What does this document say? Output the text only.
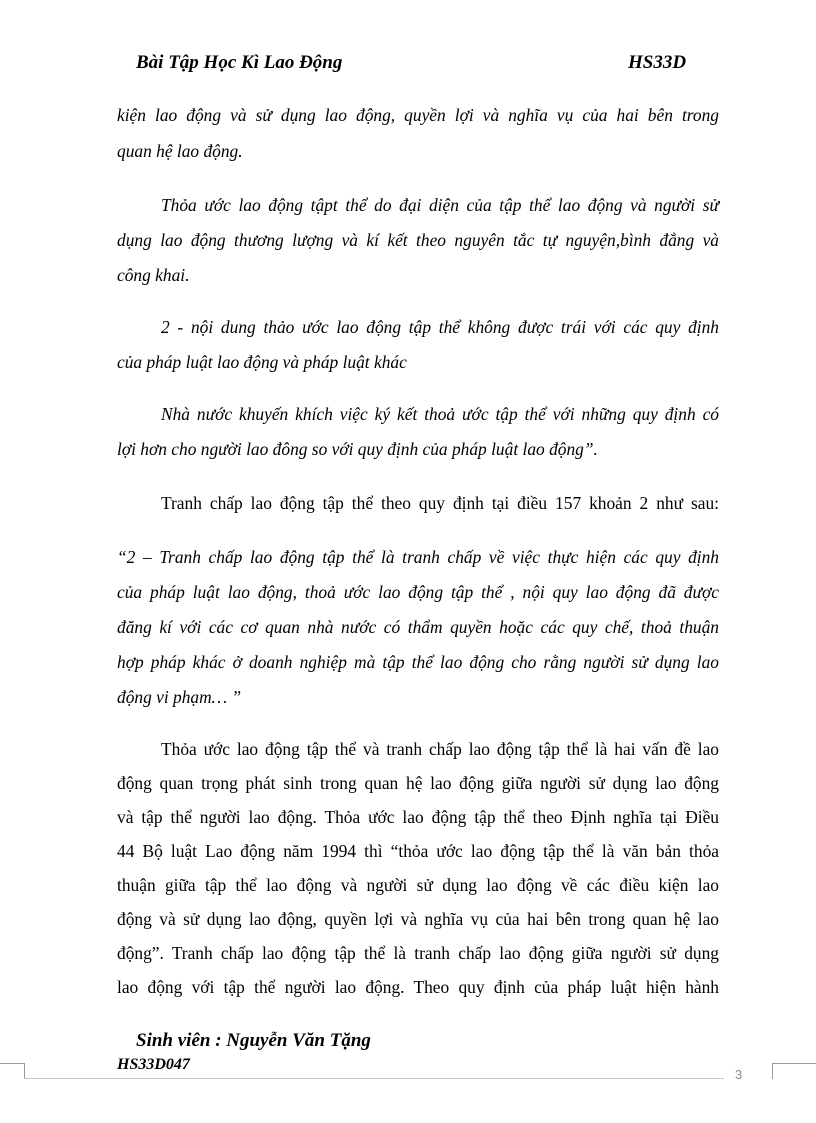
Bài Tập Học Kì Lao Động	HS33D
kiện lao động và sử dụng lao động, quyền lợi và nghĩa vụ của hai bên trong
quan hệ lao động.
Thỏa ước lao động tậpt thể do đại diện của tập thể lao động và người sử
dụng lao động thương lượng và kí kết theo nguyên tắc tự nguyện,bình đẳng và
công khai.
2 - nội dung thảo ước lao động tập thể không được trái với các quy định
của pháp luật lao động và pháp luật khác
Nhà nước khuyến khích việc ký kết thoả ước tập thể với những quy định có
lợi hơn cho người lao đông so với quy định của pháp luật lao động”.
Tranh chấp lao động tập thể theo quy định tại điều 157 khoản 2 như sau:
“2 – Tranh chấp lao động tập thể là tranh chấp về việc thực hiện các quy định
của pháp luật lao động, thoả ước lao động tập thể , nội quy lao động đã được
đăng kí với các cơ quan nhà nước có thẩm quyền hoặc các quy chế, thoả thuận
hợp pháp khác ở doanh nghiệp mà tập thể lao động cho rằng người sử dụng lao
động vi phạm… ”
Thỏa ước lao động tập thể và tranh chấp lao động tập thể là hai vấn đề lao
động quan trọng phát sinh trong quan hệ lao động giữa người sử dụng lao động
và tập thể người lao động. Thỏa ước lao động tập thể theo Định nghĩa tại Điều
44 Bộ luật Lao động năm 1994 thì “thỏa ước lao động tập thể là văn bản thỏa
thuận giữa tập thể lao động và người sử dụng lao động về các điều kiện lao
động và sử dụng lao động, quyền lợi và nghĩa vụ của hai bên trong quan hệ lao
động”. Tranh chấp lao động tập thể là tranh chấp lao động giữa người sử dụng
lao động với tập thể người lao động. Theo quy định của pháp luật hiện hành
Sinh viên : Nguyễn Văn Tặng
HS33D047
3
